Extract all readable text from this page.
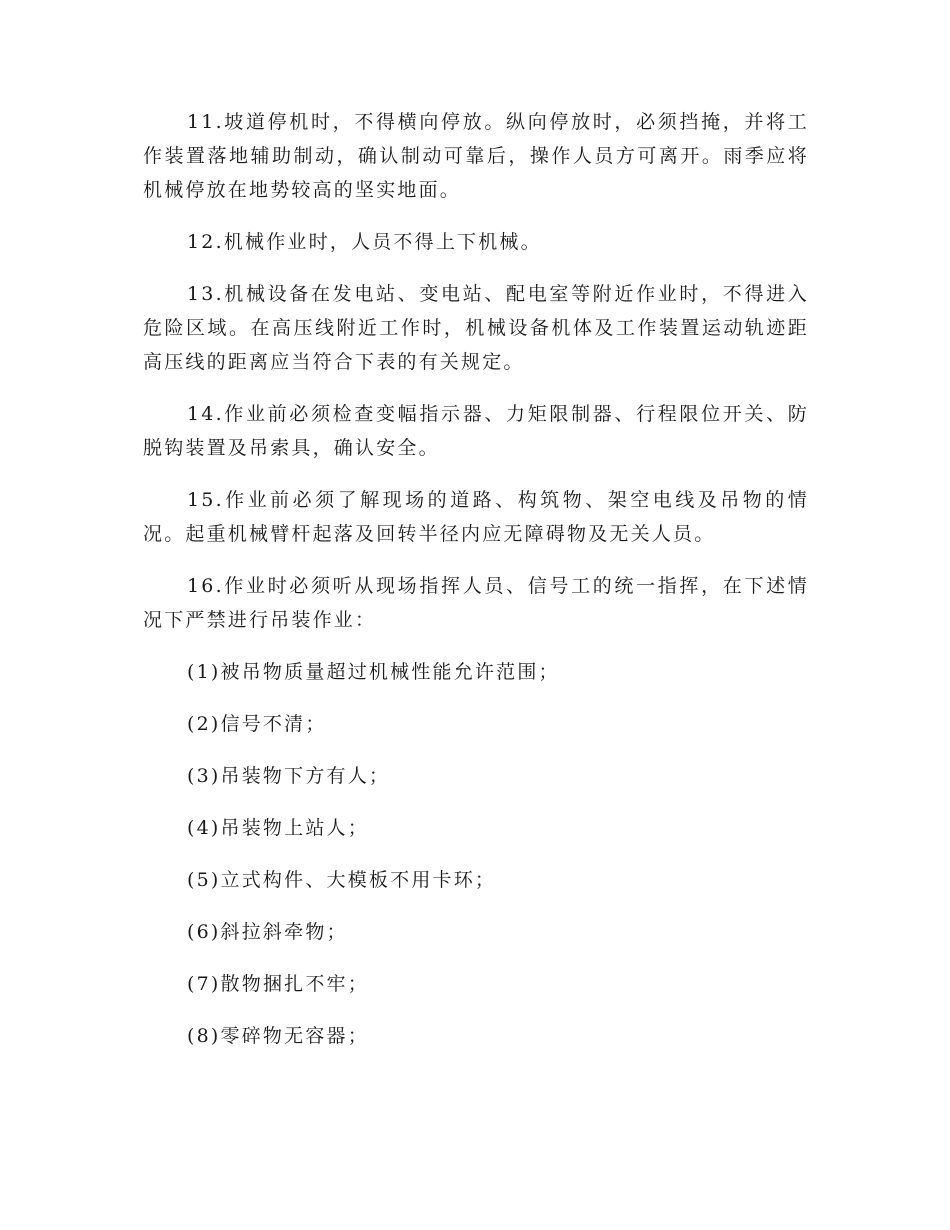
11.坡道停机时，不得横向停放。纵向停放时，必须挡掩，并将工作装置落地辅助制动，确认制动可靠后，操作人员方可离开。雨季应将机械停放在地势较高的坚实地面。

12.机械作业时，人员不得上下机械。

13.机械设备在发电站、变电站、配电室等附近作业时，不得进入危险区域。在高压线附近工作时，机械设备机体及工作装置运动轨迹距高压线的距离应当符合下表的有关规定。

14.作业前必须检查变幅指示器、力矩限制器、行程限位开关、防脱钩装置及吊索具，确认安全。

15.作业前必须了解现场的道路、构筑物、架空电线及吊物的情况。起重机械臂杆起落及回转半径内应无障碍物及无关人员。

16.作业时必须听从现场指挥人员、信号工的统一指挥，在下述情况下严禁进行吊装作业：

(1)被吊物质量超过机械性能允许范围；

(2)信号不清；

(3)吊装物下方有人；

(4)吊装物上站人；

(5)立式构件、大模板不用卡环；

(6)斜拉斜牵物；

(7)散物捆扎不牢；

(8)零碎物无容器；
